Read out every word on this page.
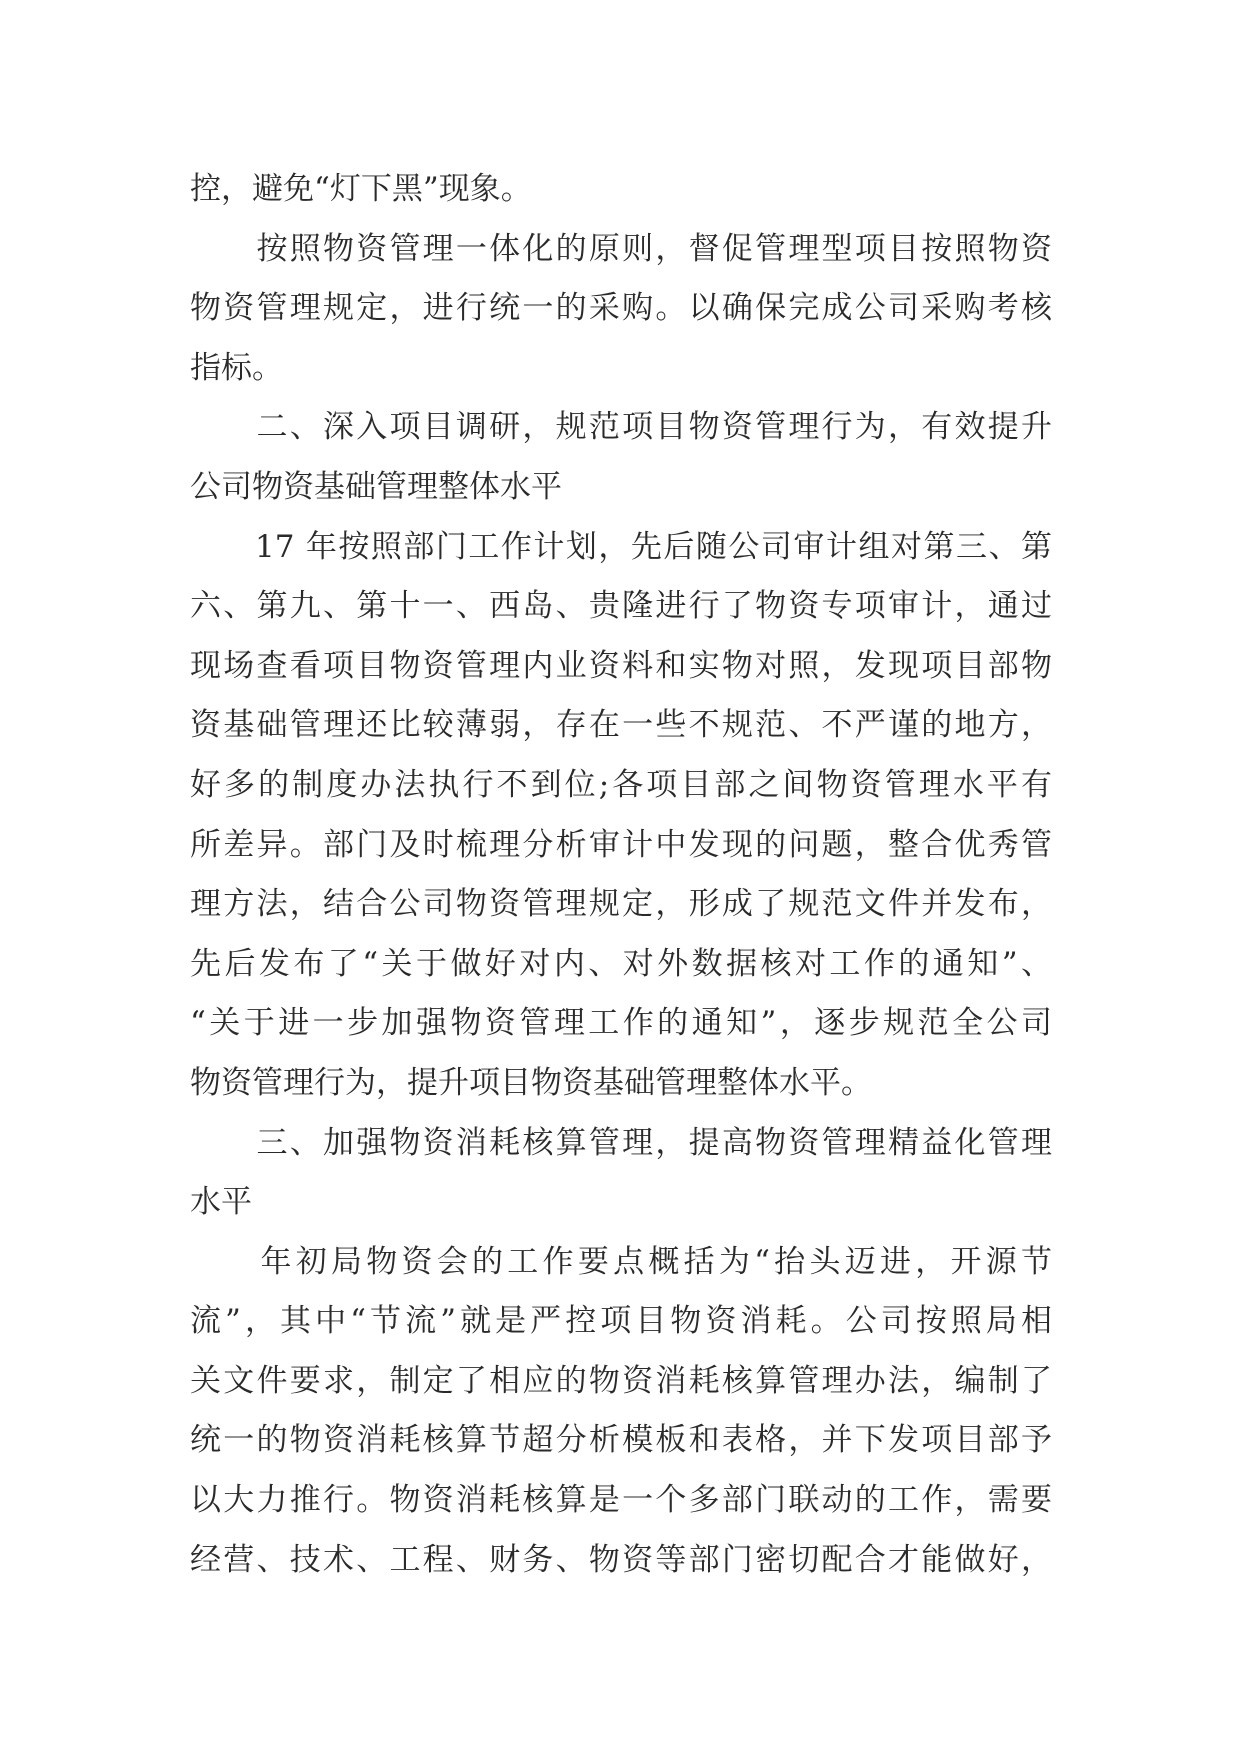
控，避免“灯下黑”现象。
　　按照物资管理一体化的原则，督促管理型项目按照物资
物资管理规定，进行统一的采购。以确保完成公司采购考核
指标。
　　二、深入项目调研，规范项目物资管理行为，有效提升
公司物资基础管理整体水平
　　17 年按照部门工作计划，先后随公司审计组对第三、第
六、第九、第十一、西岛、贵隆进行了物资专项审计，通过
现场查看项目物资管理内业资料和实物对照，发现项目部物
资基础管理还比较薄弱，存在一些不规范、不严谨的地方，
好多的制度办法执行不到位;各项目部之间物资管理水平有
所差异。部门及时梳理分析审计中发现的问题，整合优秀管
理方法，结合公司物资管理规定，形成了规范文件并发布，
先后发布了“关于做好对内、对外数据核对工作的通知”、
“关于进一步加强物资管理工作的通知”，逐步规范全公司
物资管理行为，提升项目物资基础管理整体水平。
　　三、加强物资消耗核算管理，提高物资管理精益化管理
水平
　　年初局物资会的工作要点概括为“抬头迈进，开源节
流”，其中“节流”就是严控项目物资消耗。公司按照局相
关文件要求，制定了相应的物资消耗核算管理办法，编制了
统一的物资消耗核算节超分析模板和表格，并下发项目部予
以大力推行。物资消耗核算是一个多部门联动的工作，需要
经营、技术、工程、财务、物资等部门密切配合才能做好，
